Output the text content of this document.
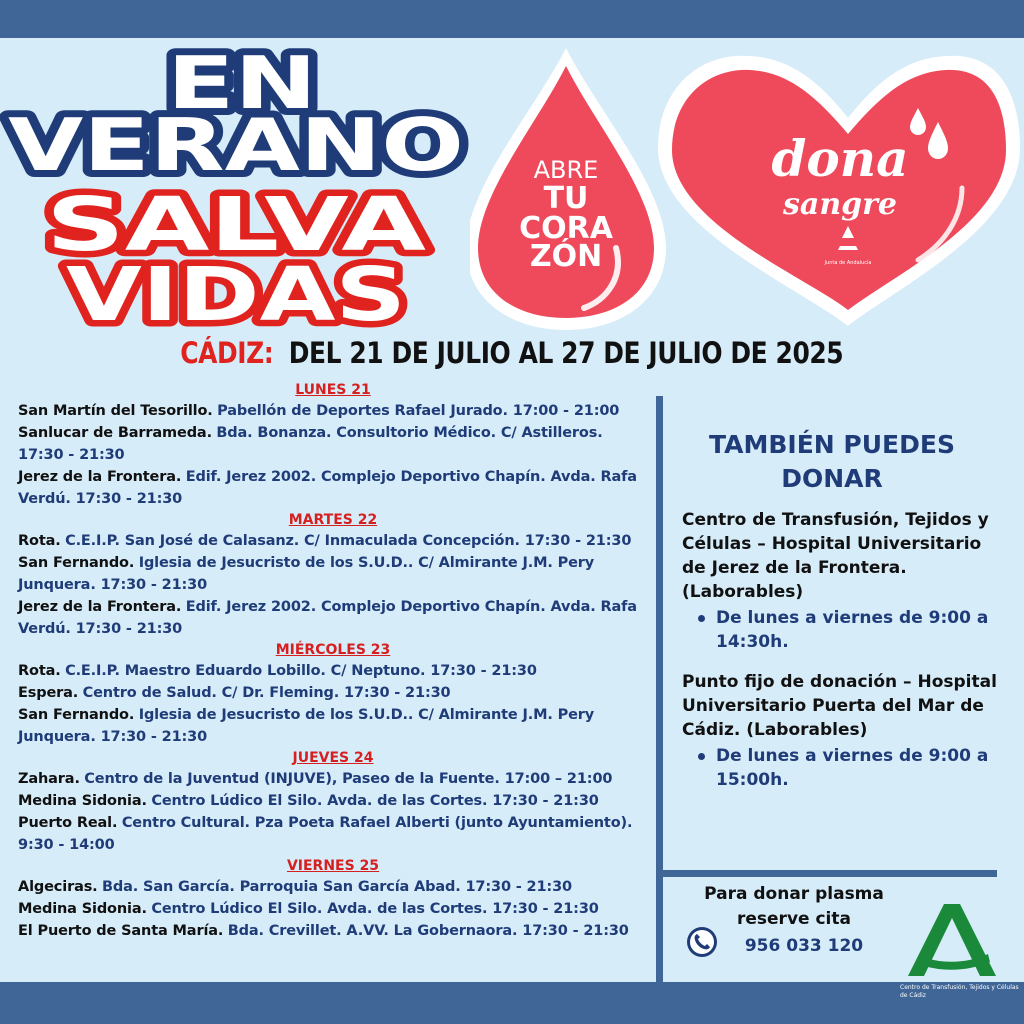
EN
VERANO
SALVA
VIDAS
ABRE
TU
CORA
ZÓN
dona
sangre
Junta de Andalucía
CÁDIZ: DEL 21 DE JULIO AL 27 DE JULIO DE 2025
LUNES 21
San Martín del Tesorillo. Pabellón de Deportes Rafael Jurado. 17:00 - 21:00
Sanlucar de Barrameda. Bda. Bonanza. Consultorio Médico. C/ Astilleros. 17:30 - 21:30
Jerez de la Frontera. Edif. Jerez 2002. Complejo Deportivo Chapín. Avda. Rafa Verdú. 17:30 - 21:30
MARTES 22
Rota. C.E.I.P. San José de Calasanz. C/ Inmaculada Concepción. 17:30 - 21:30
San Fernando. Iglesia de Jesucristo de los S.U.D.. C/ Almirante J.M. Pery Junquera. 17:30 - 21:30
Jerez de la Frontera. Edif. Jerez 2002. Complejo Deportivo Chapín. Avda. Rafa Verdú. 17:30 - 21:30
MIÉRCOLES 23
Rota. C.E.I.P. Maestro Eduardo Lobillo. C/ Neptuno. 17:30 - 21:30
Espera. Centro de Salud. C/ Dr. Fleming. 17:30 - 21:30
San Fernando. Iglesia de Jesucristo de los S.U.D.. C/ Almirante J.M. Pery Junquera. 17:30 - 21:30
JUEVES 24
Zahara. Centro de la Juventud (INJUVE), Paseo de la Fuente. 17:00 – 21:00
Medina Sidonia. Centro Lúdico El Silo. Avda. de las Cortes. 17:30 - 21:30
Puerto Real. Centro Cultural. Pza Poeta Rafael Alberti (junto Ayuntamiento). 9:30 - 14:00
VIERNES 25
Algeciras. Bda. San García. Parroquia San García Abad. 17:30 - 21:30
Medina Sidonia. Centro Lúdico El Silo. Avda. de las Cortes. 17:30 - 21:30
El Puerto de Santa María. Bda. Crevillet. A.VV. La Gobernaora. 17:30 - 21:30
TAMBIÉN PUEDES
DONAR
Centro de Transfusión, Tejidos y Células – Hospital Universitario de Jerez de la Frontera. (Laborables)
De lunes a viernes de 9:00 a 14:30h.
Punto fijo de donación – Hospital Universitario Puerta del Mar de Cádiz. (Laborables)
De lunes a viernes de 9:00 a 15:00h.
Para donar plasma
reserve cita
956 033 120
Centro de Transfusión, Tejidos y Células de Cádiz
